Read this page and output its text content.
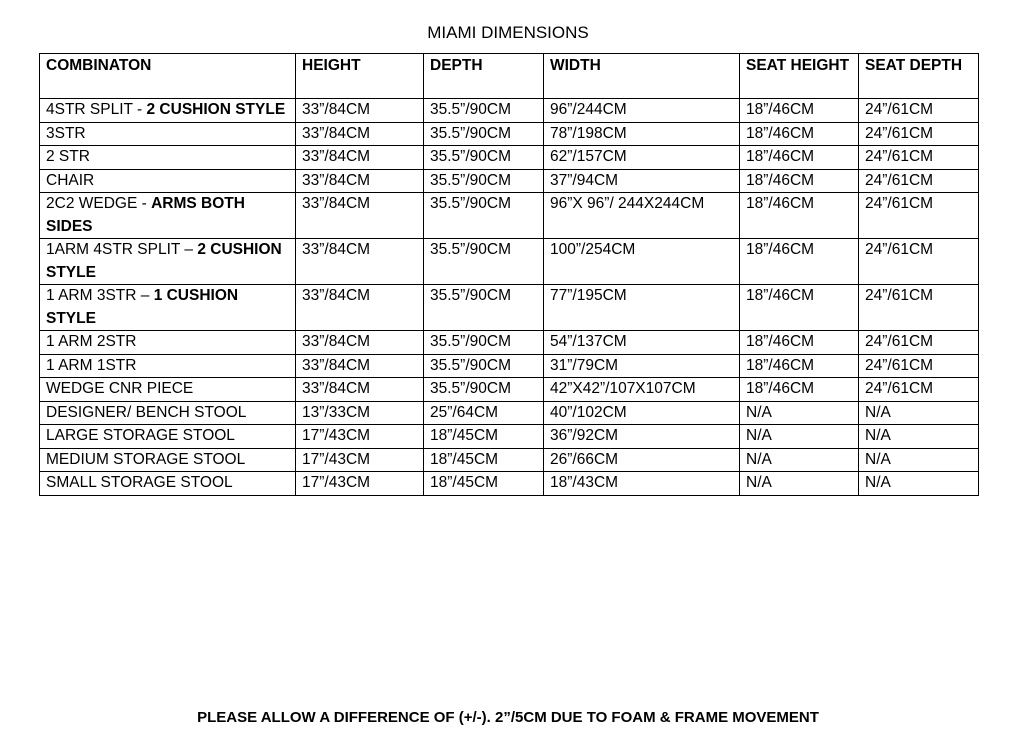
MIAMI DIMENSIONS
COMBINATON	HEIGHT	DEPTH	WIDTH	SEAT HEIGHT	SEAT DEPTH
4STR SPLIT - 2 CUSHION STYLE	33”/84CM	35.5”/90CM	96”/244CM	18”/46CM	24”/61CM
3STR	33”/84CM	35.5”/90CM	78”/198CM	18”/46CM	24”/61CM
2 STR	33”/84CM	35.5”/90CM	62”/157CM	18”/46CM	24”/61CM
CHAIR	33”/84CM	35.5”/90CM	37”/94CM	18”/46CM	24”/61CM
2C2 WEDGE - ARMS BOTH SIDES	33”/84CM	35.5”/90CM	96”X 96”/ 244X244CM	18”/46CM	24”/61CM
1ARM 4STR SPLIT – 2 CUSHION STYLE	33”/84CM	35.5”/90CM	100”/254CM	18”/46CM	24”/61CM
1 ARM 3STR – 1 CUSHION STYLE	33”/84CM	35.5”/90CM	77”/195CM	18”/46CM	24”/61CM
1 ARM 2STR	33”/84CM	35.5”/90CM	54”/137CM	18”/46CM	24”/61CM
1 ARM 1STR	33”/84CM	35.5”/90CM	31”/79CM	18”/46CM	24”/61CM
WEDGE CNR PIECE	33”/84CM	35.5”/90CM	42”X42”/107X107CM	18”/46CM	24”/61CM
DESIGNER/ BENCH STOOL	13”/33CM	25”/64CM	40”/102CM	N/A	N/A
LARGE STORAGE STOOL	17”/43CM	18”/45CM	36”/92CM	N/A	N/A
MEDIUM STORAGE STOOL	17”/43CM	18”/45CM	26”/66CM	N/A	N/A
SMALL STORAGE STOOL	17”/43CM	18”/45CM	18”/43CM	N/A	N/A
PLEASE ALLOW A DIFFERENCE OF (+/-). 2”/5CM DUE TO FOAM & FRAME MOVEMENT
